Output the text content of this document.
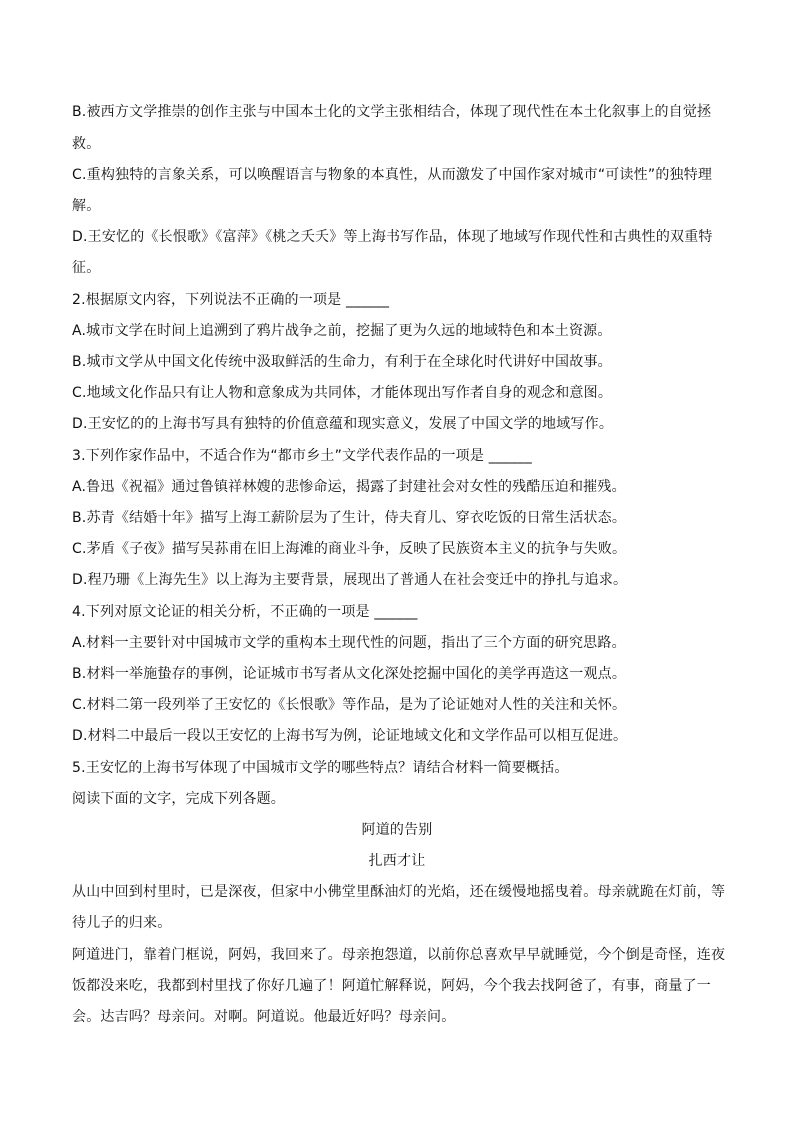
B.被西方文学推崇的创作主张与中国本土化的文学主张相结合，体现了现代性在本土化叙事上的自觉拯
救。
C.重构独特的言象关系，可以唤醒语言与物象的本真性，从而激发了中国作家对城市“可读性”的独特理
解。
D.王安忆的《长恨歌》《富萍》《桃之夭夭》等上海书写作品，体现了地域写作现代性和古典性的双重特
征。
2.根据原文内容，下列说法不正确的一项是 ______
A.城市文学在时间上追溯到了鸦片战争之前，挖掘了更为久远的地域特色和本土资源。
B.城市文学从中国文化传统中汲取鲜活的生命力，有利于在全球化时代讲好中国故事。
C.地域文化作品只有让人物和意象成为共同体，才能体现出写作者自身的观念和意图。
D.王安忆的的上海书写具有独特的价值意蕴和现实意义，发展了中国文学的地域写作。
3.下列作家作品中，不适合作为“都市乡土”文学代表作品的一项是 ______
A.鲁迅《祝福》通过鲁镇祥林嫂的悲惨命运，揭露了封建社会对女性的残酷压迫和摧残。
B.苏青《结婚十年》描写上海工薪阶层为了生计，侍夫育儿、穿衣吃饭的日常生活状态。
C.茅盾《子夜》描写吴荪甫在旧上海滩的商业斗争，反映了民族资本主义的抗争与失败。
D.程乃珊《上海先生》以上海为主要背景，展现出了普通人在社会变迁中的挣扎与追求。
4.下列对原文论证的相关分析，不正确的一项是 ______
A.材料一主要针对中国城市文学的重构本土现代性的问题，指出了三个方面的研究思路。
B.材料一举施蛰存的事例，论证城市书写者从文化深处挖掘中国化的美学再造这一观点。
C.材料二第一段列举了王安忆的《长恨歌》等作品，是为了论证她对人性的关注和关怀。
D.材料二中最后一段以王安忆的上海书写为例，论证地域文化和文学作品可以相互促进。
5.王安忆的上海书写体现了中国城市文学的哪些特点？请结合材料一简要概括。
阅读下面的文字，完成下列各题。
阿道的告别
扎西才让
从山中回到村里时，已是深夜，但家中小佛堂里酥油灯的光焰，还在缓慢地摇曳着。母亲就跪在灯前，等
待儿子的归来。
阿道进门，靠着门框说，阿妈，我回来了。母亲抱怨道，以前你总喜欢早早就睡觉，今个倒是奇怪，连夜
饭都没来吃，我都到村里找了你好几遍了！阿道忙解释说，阿妈，今个我去找阿爸了，有事，商量了一
会。达吉吗？母亲问。对啊。阿道说。他最近好吗？母亲问。
